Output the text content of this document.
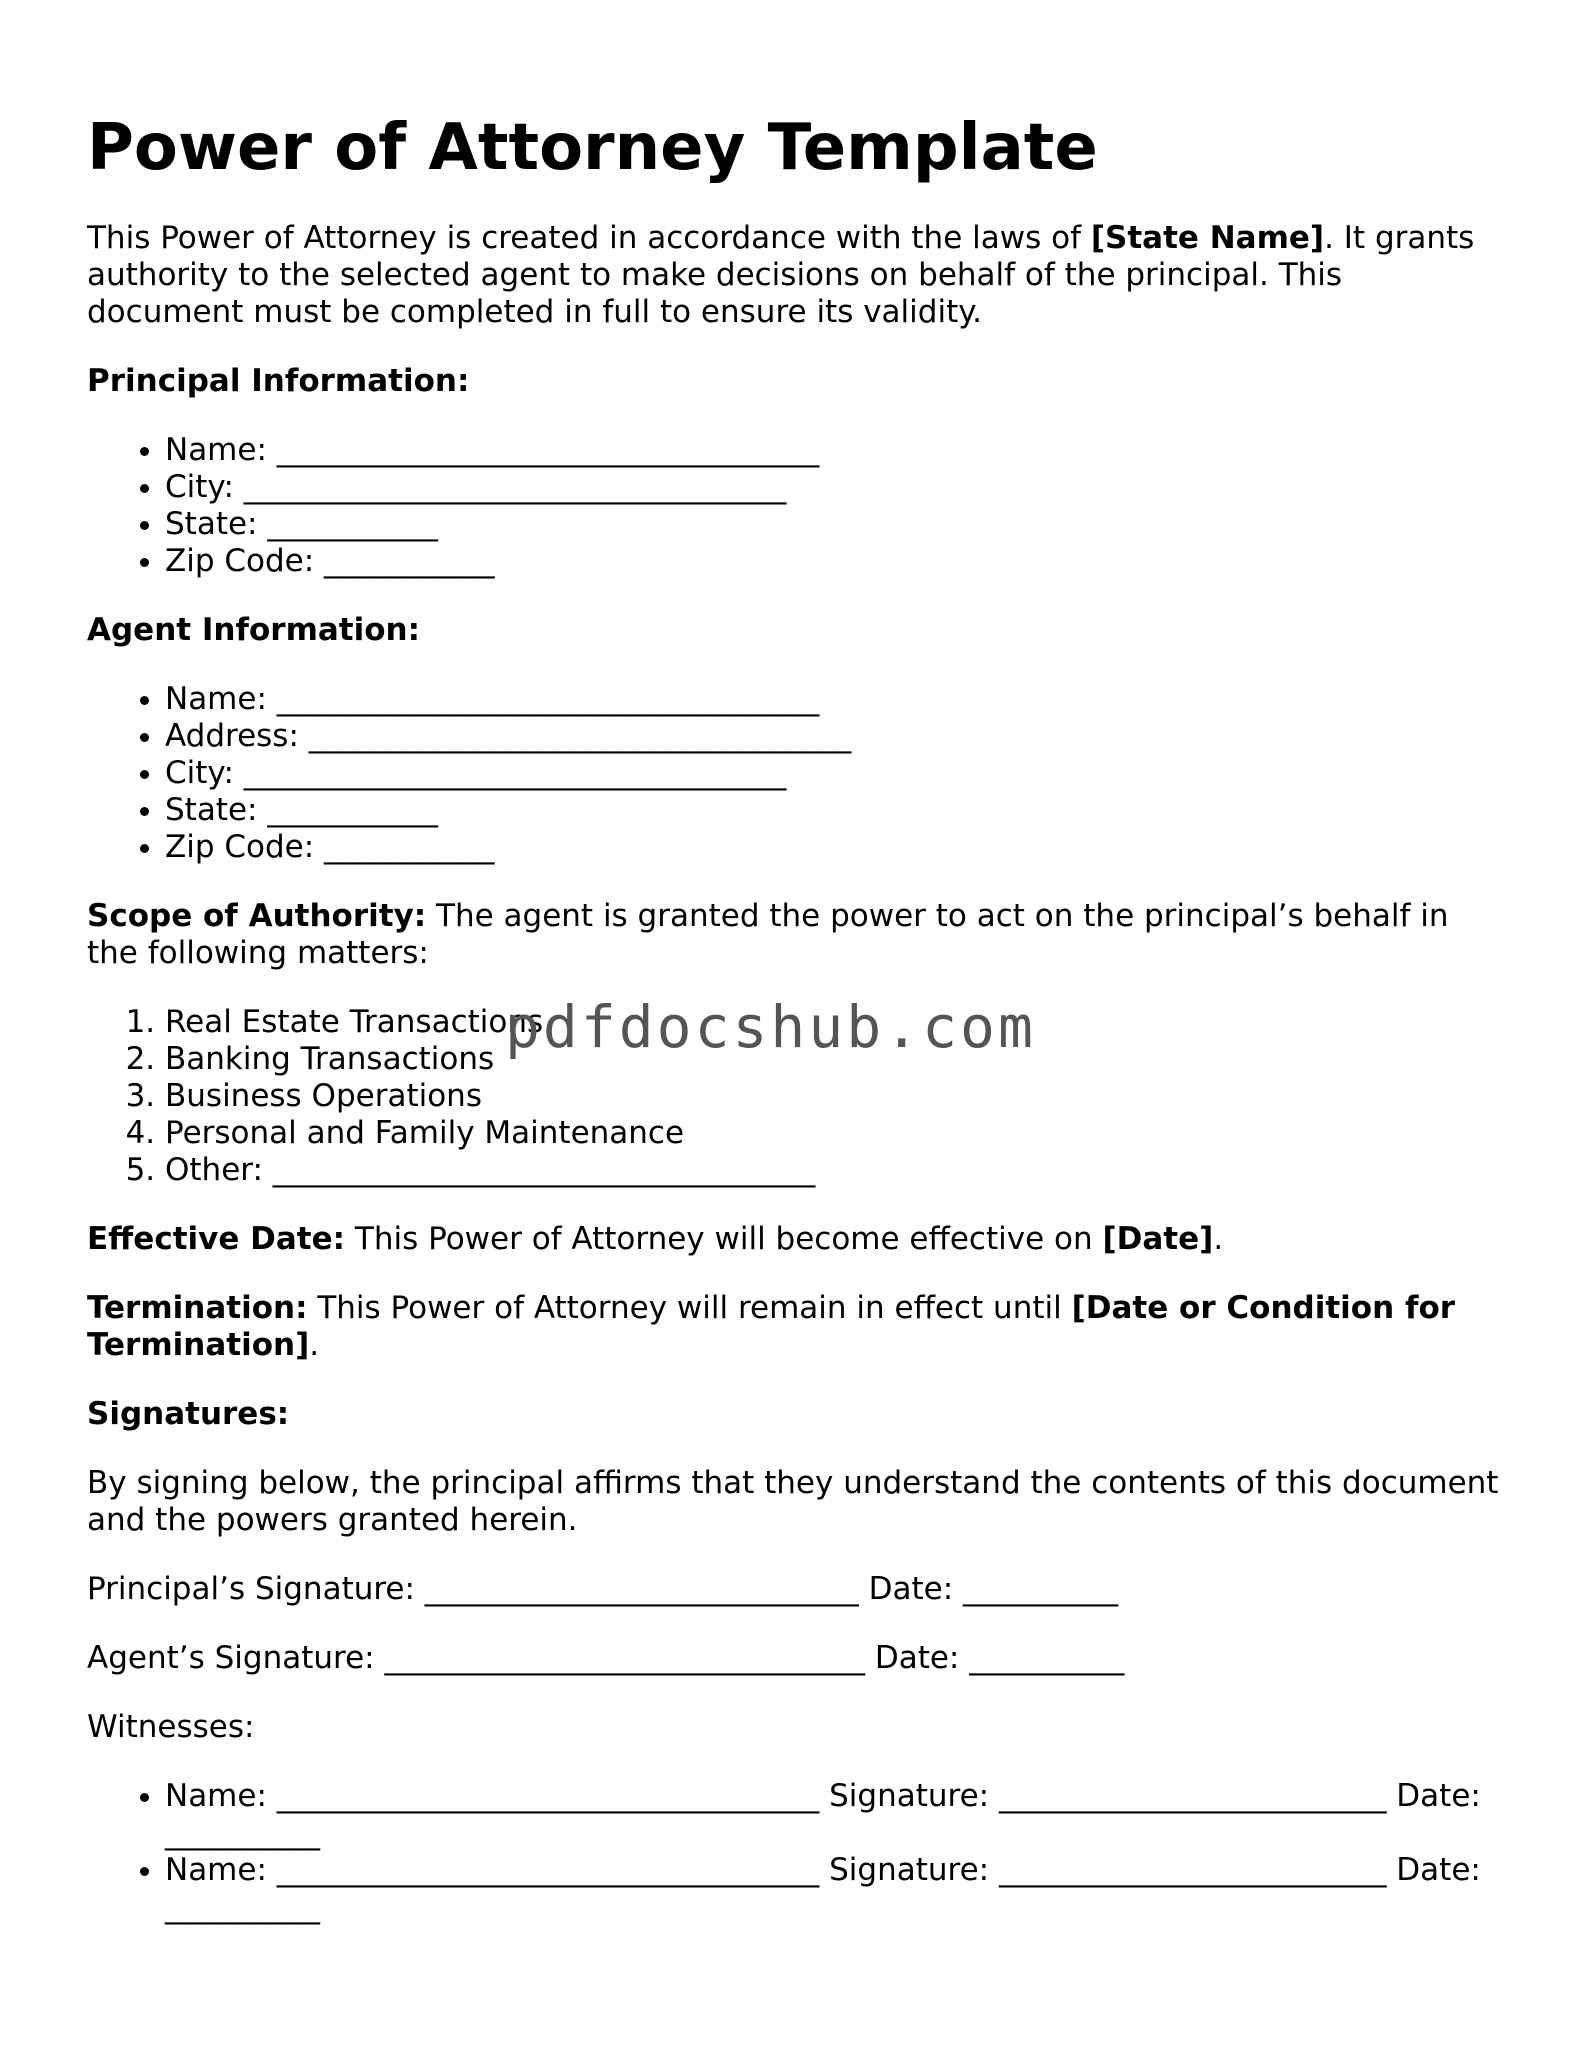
Power of Attorney Template

This Power of Attorney is created in accordance with the laws of [State Name]. It grants authority to the selected agent to make decisions on behalf of the principal. This document must be completed in full to ensure its validity.

Principal Information:

• Name: ___________________________________
• City: ___________________________________
• State: ___________
• Zip Code: ___________

Agent Information:

• Name: ___________________________________
• Address: ___________________________________
• City: ___________________________________
• State: ___________
• Zip Code: ___________

Scope of Authority: The agent is granted the power to act on the principal’s behalf in the following matters:

1. Real Estate Transactions
2. Banking Transactions
3. Business Operations
4. Personal and Family Maintenance
5. Other: ___________________________________

Effective Date: This Power of Attorney will become effective on [Date].

Termination: This Power of Attorney will remain in effect until [Date or Condition for Termination].

Signatures:

By signing below, the principal affirms that they understand the contents of this document and the powers granted herein.

Principal’s Signature: ____________________________ Date: __________

Agent’s Signature: _______________________________ Date: __________

Witnesses:

• Name: ___________________________________ Signature: _________________________ Date: __________
• Name: ___________________________________ Signature: _________________________ Date: __________
pdfdocshub.com
